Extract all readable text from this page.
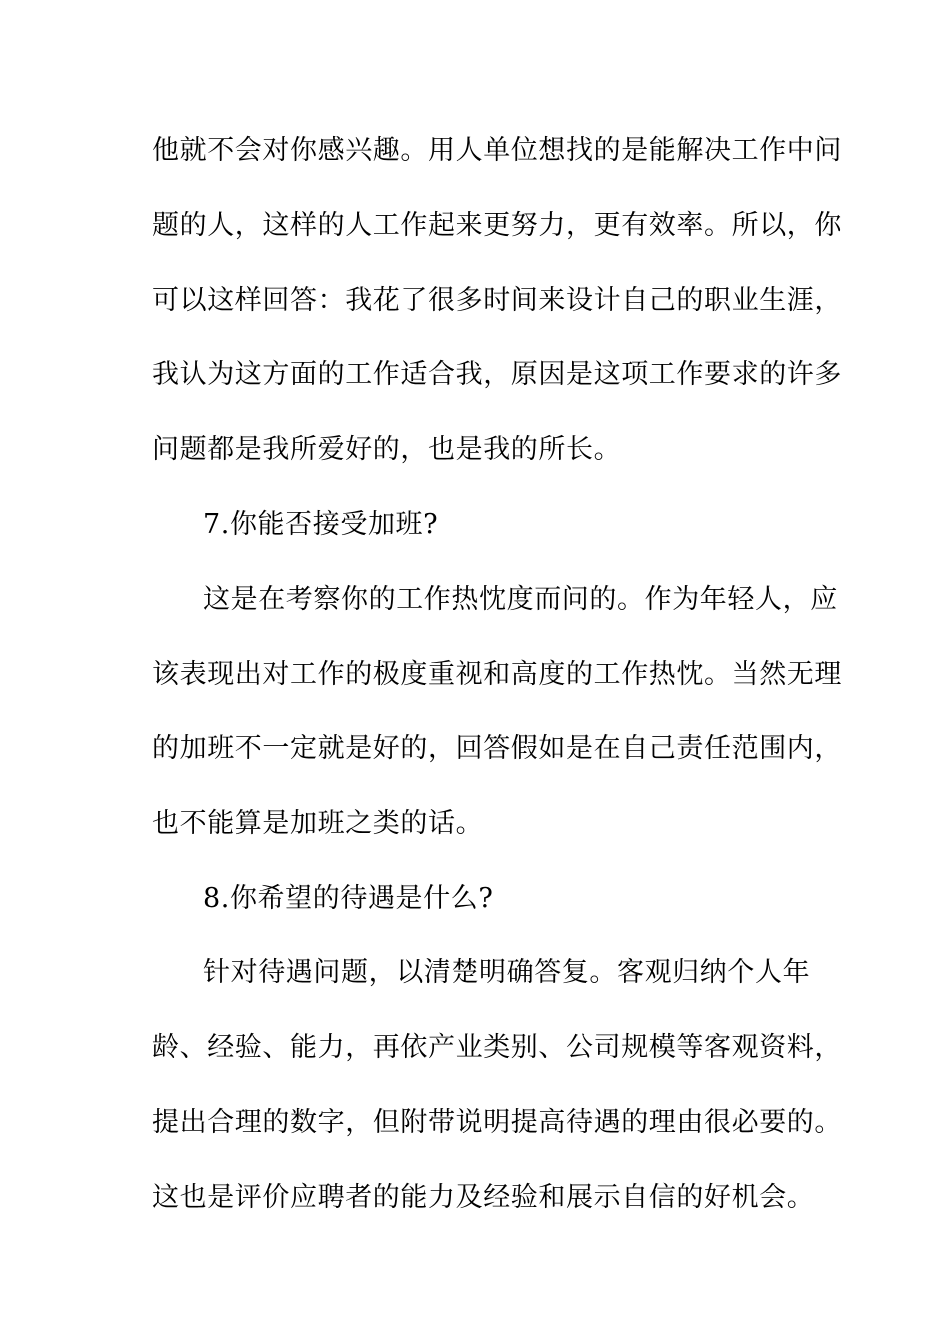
他就不会对你感兴趣。用人单位想找的是能解决工作中问
题的人，这样的人工作起来更努力，更有效率。所以，你
可以这样回答：我花了很多时间来设计自己的职业生涯，
我认为这方面的工作适合我，原因是这项工作要求的许多
问题都是我所爱好的，也是我的所长。
7.你能否接受加班?
这是在考察你的工作热忱度而问的。作为年轻人，应
该表现出对工作的极度重视和高度的工作热忱。当然无理
的加班不一定就是好的，回答假如是在自己责任范围内，
也不能算是加班之类的话。
8.你希望的待遇是什么?
针对待遇问题，以清楚明确答复。客观归纳个人年
龄、经验、能力，再依产业类别、公司规模等客观资料，
提出合理的数字，但附带说明提高待遇的理由很必要的。
这也是评价应聘者的能力及经验和展示自信的好机会。
